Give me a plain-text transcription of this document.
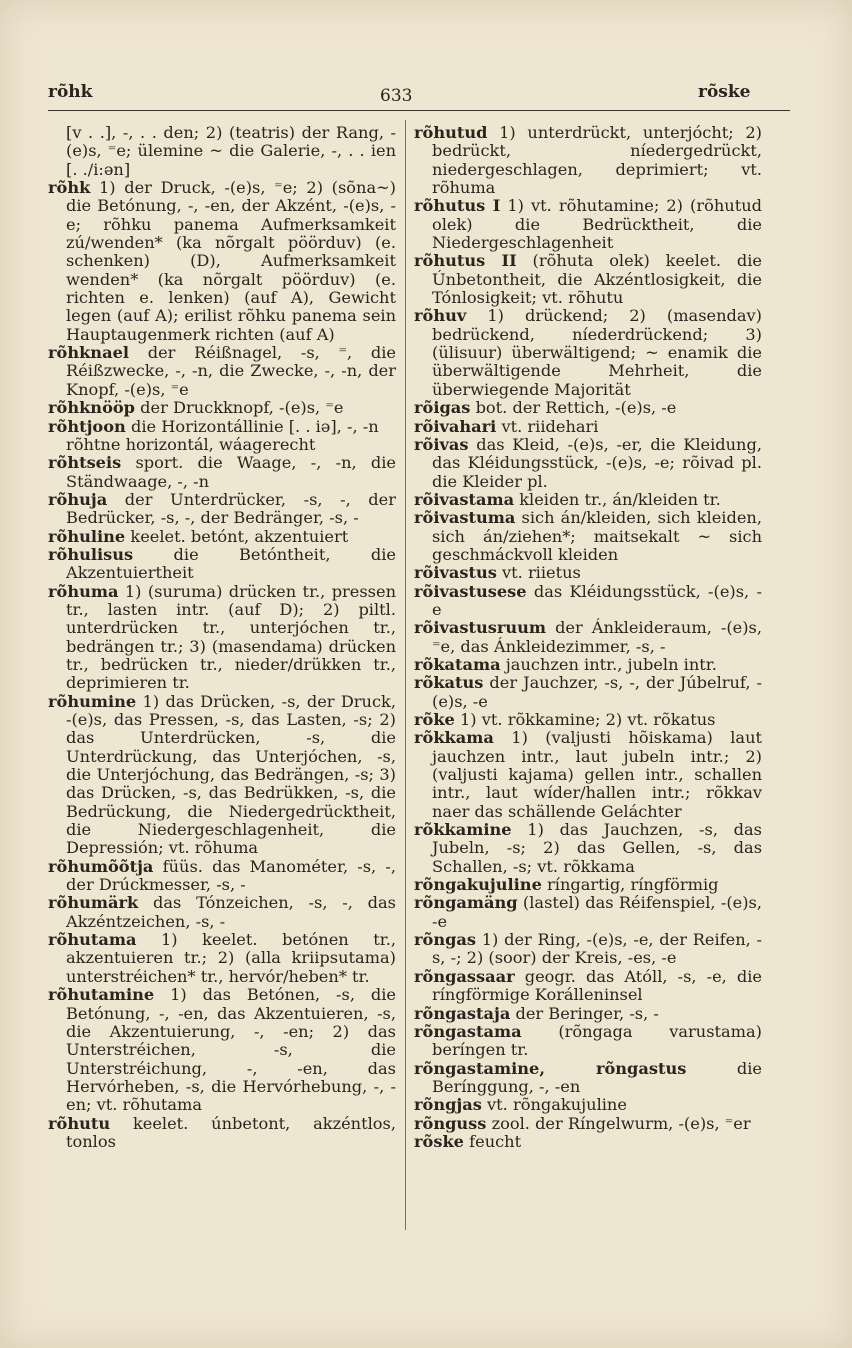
rõhk	633	rõske

[v . .], -, . . den; 2) (teatris) der Rang, -(e)s, ⁼e; ülemine ~ die Galerie, -, . . ien [. ./i:ən]

rõhk 1) der Druck, -(e)s, ⁼e; 2) (sõna~) die Betónung, -, -en, der Akzént, -(e)s, -e; rõhku panema Aufmerksamkeit zú/wenden* (ka nõrgalt pöörduv) (e. schenken) (D), Aufmerksamkeit wenden* (ka nõrgalt pöörduv) (e. richten e. lenken) (auf A), Gewicht legen (auf A); erilist rõhku panema sein Hauptaugenmerk richten (auf A)

rõhknael der Réißnagel, -s, ⁼, die Réißzwecke, -, -n, die Zwecke, -, -n, der Knopf, -(e)s, ⁼e

rõhknööp der Druckknopf, -(e)s, ⁼e

rõhtjoon die Horizontállinie [. . iə], -, -n

rõhtne horizontál, wáagerecht

rõhtseis sport. die Waage, -, -n, die Ständwaage, -, -n

rõhuja der Unterdrücker, -s, -, der Bedrücker, -s, -, der Bedränger, -s, -

rõhuline keelet. betónt, akzentuiert

rõhulisus die Betóntheit, die Akzentuiertheit

rõhuma 1) (suruma) drücken tr., pressen tr., lasten intr. (auf D); 2) piltl. unterdrücken tr., unterjóchen tr., bedrängen tr.; 3) (masendama) drücken tr., bedrücken tr., nieder/drükken tr., deprimieren tr.

rõhumine 1) das Drücken, -s, der Druck, -(e)s, das Pressen, -s, das Lasten, -s; 2) das Unterdrücken, -s, die Unterdrückung, das Unterjóchen, -s, die Unterjóchung, das Bedrängen, -s; 3) das Drücken, -s, das Bedrükken, -s, die Bedrückung, die Niedergedrücktheit, die Niedergeschlagenheit, die Depressión; vt. rõhuma

rõhumõõtja füüs. das Manométer, -s, -, der Drúckmesser, -s, -

rõhumärk das Tónzeichen, -s, -, das Akzéntzeichen, -s, -

rõhutama 1) keelet. betónen tr., akzentuieren tr.; 2) (alla kriipsutama) unterstréichen* tr., hervór/heben* tr.

rõhutamine 1) das Betónen, -s, die Betónung, -, -en, das Akzentuieren, -s, die Akzentuierung, -, -en; 2) das Unterstréichen, -s, die Unterstréichung, -, -en, das Hervórheben, -s, die Hervórhebung, -, -en; vt. rõhutama

rõhutu keelet. únbetont, akzéntlos, tonlos

rõhutud 1) unterdrückt, unterjócht; 2) bedrückt, níedergedrückt, niedergeschlagen, deprimiert; vt. rõhuma

rõhutus I 1) vt. rõhutamine; 2) (rõhutud olek) die Bedrücktheit, die Niedergeschlagenheit

rõhutus II (rõhuta olek) keelet. die Únbetontheit, die Akzéntlosigkeit, die Tónlosigkeit; vt. rõhutu

rõhuv 1) drückend; 2) (masendav) bedrückend, níederdrückend; 3) (ülisuur) überwältigend; ~ enamik die überwältigende Mehrheit, die überwiegende Majorität

rõigas bot. der Rettich, -(e)s, -e

rõivahari vt. riidehari

rõivas das Kleid, -(e)s, -er, die Kleidung, das Kléidungsstück, -(e)s, -e; rõivad pl. die Kleider pl.

rõivastama kleiden tr., án/kleiden tr.

rõivastuma sich án/kleiden, sich kleiden, sich án/ziehen*; maitsekalt ~ sich geschmáckvoll kleiden

rõivastus vt. riietus

rõivastusese das Kléidungsstück, -(e)s, -e

rõivastusruum der Ánkleideraum, -(e)s, ⁼e, das Ánkleidezimmer, -s, -

rõkatama jauchzen intr., jubeln intr.

rõkatus der Jauchzer, -s, -, der Júbelruf, -(e)s, -e

rõke 1) vt. rõkkamine; 2) vt. rõkatus

rõkkama 1) (valjusti hõiskama) laut jauchzen intr., laut jubeln intr.; 2) (valjusti kajama) gellen intr., schallen intr., laut wíder/hallen intr.; rõkkav naer das schällende Geláchter

rõkkamine 1) das Jauchzen, -s, das Jubeln, -s; 2) das Gellen, -s, das Schallen, -s; vt. rõkkama

rõngakujuline ríngartig, ríngförmig

rõngamäng (lastel) das Réifenspiel, -(e)s, -e

rõngas 1) der Ring, -(e)s, -e, der Reifen, -s, -; 2) (soor) der Kreis, -es, -e

rõngassaar geogr. das Atóll, -s, -e, die ríngförmige Korálleninsel

rõngastaja der Beringer, -s, -

rõngastama (rõngaga varustama) beríngen tr.

rõngastamine, rõngastus	die Berínggung, -, -en

rõngjas vt. rõngakujuline

rõnguss zool. der Ríngelwurm, -(e)s, ⁼er

rõske feucht
